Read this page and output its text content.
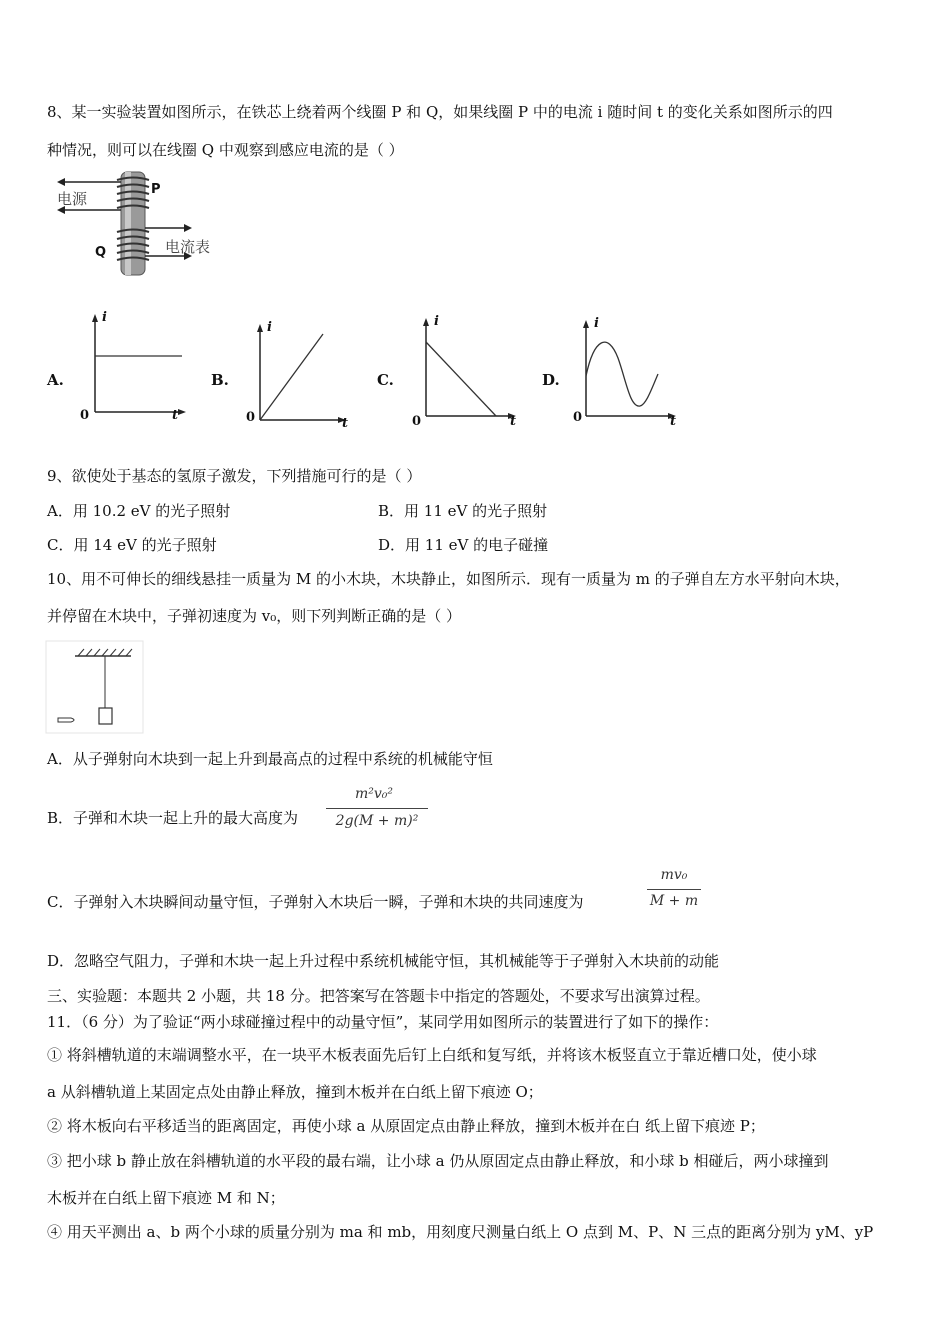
8、某一实验装置如图所示，在铁芯上绕着两个线圈 P 和 Q，如果线圈 P 中的电流 i 随时间 t 的变化关系如图所示的四
种情况，则可以在线圈 Q 中观察到感应电流的是（ ）
电源
P
Q	电流表
A.	B.	C.	D.
i
0	t
i
0	t
i
0	t
i
0	t
9、欲使处于基态的氢原子激发，下列措施可行的是（ ）
A．用 10.2 eV 的光子照射	B．用 11 eV 的光子照射
C．用 14 eV 的光子照射	D．用 11 eV 的电子碰撞
10、用不可伸长的细线悬挂一质量为 M 的小木块，木块静止，如图所示．现有一质量为 m 的子弹自左方水平射向木块，
并停留在木块中，子弹初速度为 v₀，则下列判断正确的是（ ）
A．从子弹射向木块到一起上升到最高点的过程中系统的机械能守恒
B．子弹和木块一起上升的最大高度为
m²v₀²
2g(M + m)²
C．子弹射入木块瞬间动量守恒，子弹射入木块后一瞬，子弹和木块的共同速度为
mv₀
M + m
D．忽略空气阻力，子弹和木块一起上升过程中系统机械能守恒，其机械能等于子弹射入木块前的动能
三、实验题：本题共 2 小题，共 18 分。把答案写在答题卡中指定的答题处，不要求写出演算过程。
11．（6 分）为了验证“两小球碰撞过程中的动量守恒”，某同学用如图所示的装置进行了如下的操作：
① 将斜槽轨道的末端调整水平，在一块平木板表面先后钉上白纸和复写纸，并将该木板竖直立于靠近槽口处，使小球
a 从斜槽轨道上某固定点处由静止释放，撞到木板并在白纸上留下痕迹 O；
② 将木板向右平移适当的距离固定，再使小球 a 从原固定点由静止释放，撞到木板并在白 纸上留下痕迹 P；
③ 把小球 b 静止放在斜槽轨道的水平段的最右端，让小球 a 仍从原固定点由静止释放，和小球 b 相碰后，两小球撞到
木板并在白纸上留下痕迹 M 和 N；
④ 用天平测出 a、b 两个小球的质量分别为 ma 和 mb，用刻度尺测量白纸上 O 点到 M、P、N 三点的距离分别为 yM、yP
